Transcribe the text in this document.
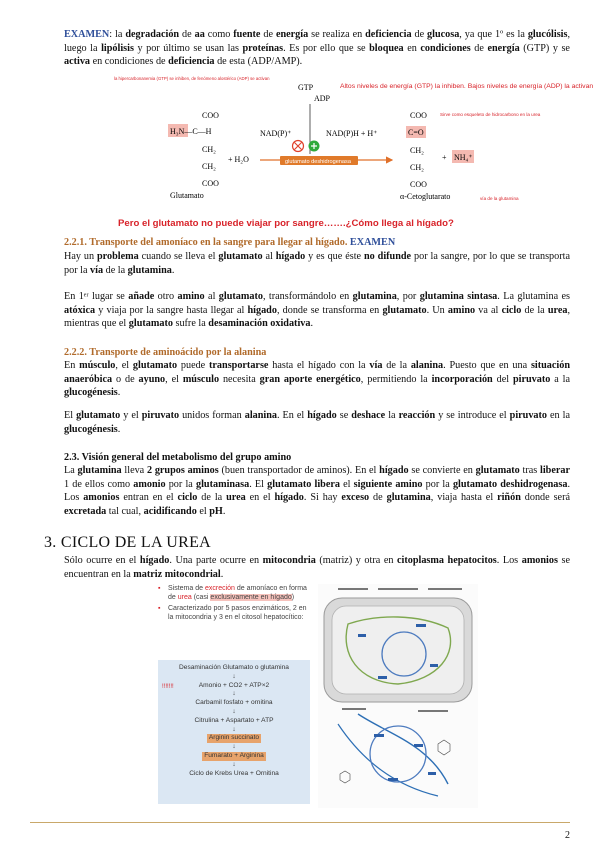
EXAMEN: la degradación de aa como fuente de energía se realiza en deficiencia de glucosa, ya que 1º es la glucólisis, luego la lipólisis y por último se usan las proteínas. Es por ello que se bloquea en condiciones de energía (GTP) y se activa en condiciones de deficiencia de esta (ADP/AMP).

la hipercarbonanemia (GTP) se inhiben, de fenómeno alostérico (ADP) se activan
Altos niveles de energía (GTP) la inhiben. Bajos niveles de energía (ADP) la activan
GTP
ADP
COO
H₃N—C—H
CH₂
CH₂
COO
Glutamato
+ H₂O
NAD(P)⁺	NAD(P)H + H⁺
glutamato deshidrogenasa
COO
C=O
CH₂
CH₂
COO
α-Cetoglutarato
+ NH₄⁺
Sirve como esqueleto de hidrocarbono en la urea
vía de la glutamina
Pero el glutamato no puede viajar por sangre…….¿Cómo llega al hígado?

2.2.1. Transporte del amoníaco en la sangre para llegar al hígado. EXAMEN

Hay un problema cuando se lleva el glutamato al hígado y es que éste no difunde por la sangre, por lo que se transporta por la vía de la glutamina.

En 1ᵉʳ lugar se añade otro amino al glutamato, transformándolo en glutamina, por glutamina sintasa. La glutamina es atóxica y viaja por la sangre hasta llegar al hígado, donde se transforma en glutamato. Un amino va al ciclo de la urea, mientras que el glutamato sufre la desaminación oxidativa.

2.2.2. Transporte de aminoácido por la alanina

En músculo, el glutamato puede transportarse hasta el hígado con la vía de la alanina. Puesto que en una situación anaeróbica o de ayuno, el músculo necesita gran aporte energético, permitiendo la incorporación del piruvato a la glucogénesis.

El glutamato y el piruvato unidos forman alanina. En el hígado se deshace la reacción y se introduce el piruvato en la glucogénesis.

2.3. Visión general del metabolismo del grupo amino

La glutamina lleva 2 grupos aminos (buen transportador de aminos). En el hígado se convierte en glutamato tras liberar 1 de ellos como amonio por la glutaminasa. El glutamato libera el siguiente amino por la glutamato deshidrogenasa. Los amonios entran en el ciclo de la urea en el hígado. Si hay exceso de glutamina, viaja hasta el riñón donde será excretada tal cual, acidificando el pH.

3. CICLO DE LA UREA

Sólo ocurre en el hígado. Una parte ocurre en mitocondria (matriz) y otra en citoplasma hepatocitos. Los amonios se encuentran en la matriz mitocondrial.

▪ Sistema de excreción de amoníaco en forma de urea (casi exclusivamente en hígado)
▪ Caracterizado por 5 pasos enzimáticos, 2 en la mitocondria y 3 en el citosol hepatocítico:
!!!!!!!
Desaminación Glutamato o glutamina
↓
Amonio + CO2 + ATP×2
↓
Carbamil fosfato + ornitina
↓
Citrulina + Aspartato + ATP
↓
Arginin succinato
↓
Fumarato + Arginina
↓
Ciclo de Krebs Urea + Ornitina
2
